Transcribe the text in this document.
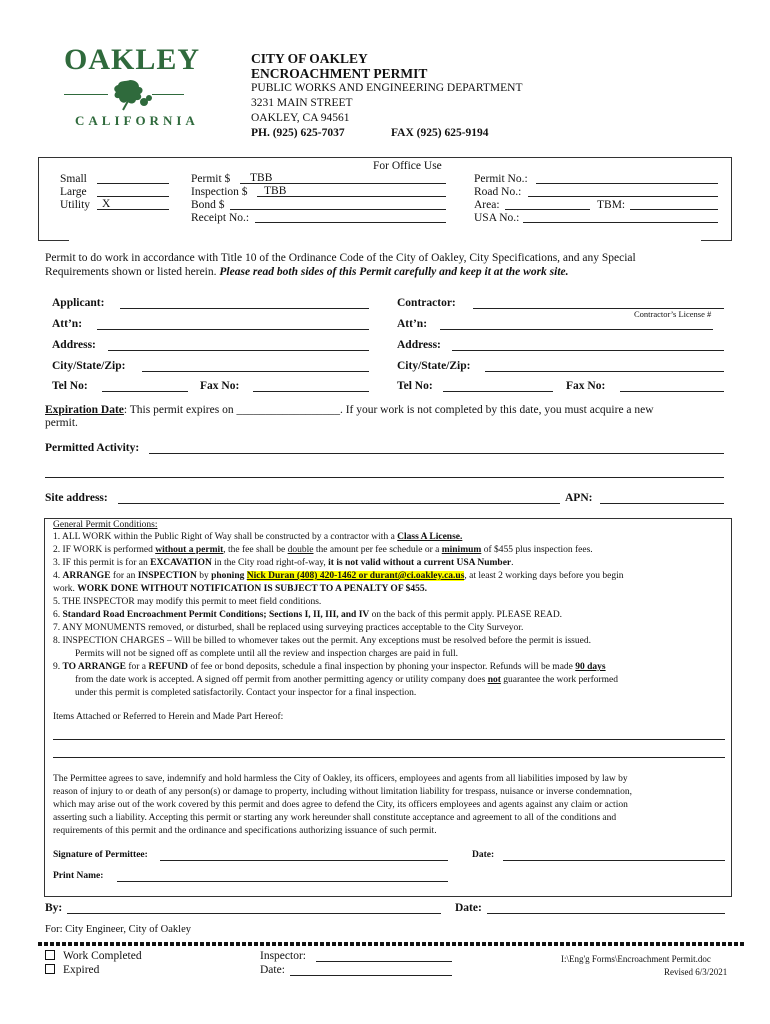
OAKLEY
CALIFORNIA
CITY OF OAKLEY
ENCROACHMENT PERMIT
PUBLIC WORKS AND ENGINEERING DEPARTMENT
3231 MAIN STREET
OAKLEY, CA 94561
PH. (925) 625-7037	FAX (925) 625-9194
For Office Use
Small
Large
Utility X
Permit $ TBB
Inspection $ TBB
Bond $
Receipt No.:
Permit No.:
Road No.:
Area:	TBM:
USA No.:
Permit to do work in accordance with Title 10 of the Ordinance Code of the City of Oakley, City Specifications, and any Special
Requirements shown or listed herein. Please read both sides of this Permit carefully and keep it at the work site.
Applicant:
Att’n:
Address:
City/State/Zip:
Tel No:	Fax No:
Contractor:
Contractor’s License #
Att’n:
Address:
City/State/Zip:
Tel No:	Fax No:
Expiration Date: This permit expires on __________________. If your work is not completed by this date, you must acquire a new
permit.
Permitted Activity:
Site address:	APN:
General Permit Conditions:
1. ALL WORK within the Public Right of Way shall be constructed by a contractor with a Class A License.
2. IF WORK is performed without a permit, the fee shall be double the amount per fee schedule or a minimum of $455 plus inspection fees.
3. IF this permit is for an EXCAVATION in the City road right-of-way, it is not valid without a current USA Number.
4. ARRANGE for an INSPECTION by phoning Nick Duran (408) 420-1462 or durant@ci.oakley.ca.us, at least 2 working days before you begin
work. WORK DONE WITHOUT NOTIFICATION IS SUBJECT TO A PENALTY OF $455.
5. THE INSPECTOR may modify this permit to meet field conditions.
6. Standard Road Encroachment Permit Conditions; Sections I, II, III, and IV on the back of this permit apply. PLEASE READ.
7. ANY MONUMENTS removed, or disturbed, shall be replaced using surveying practices acceptable to the City Surveyor.
8. INSPECTION CHARGES – Will be billed to whomever takes out the permit. Any exceptions must be resolved before the permit is issued.
Permits will not be signed off as complete until all the review and inspection charges are paid in full.
9. TO ARRANGE for a REFUND of fee or bond deposits, schedule a final inspection by phoning your inspector. Refunds will be made 90 days
from the date work is accepted. A signed off permit from another permitting agency or utility company does not guarantee the work performed
under this permit is completed satisfactorily. Contact your inspector for a final inspection.
Items Attached or Referred to Herein and Made Part Hereof:
The Permittee agrees to save, indemnify and hold harmless the City of Oakley, its officers, employees and agents from all liabilities imposed by law by
reason of injury to or death of any person(s) or damage to property, including without limitation liability for trespass, nuisance or inverse condemnation,
which may arise out of the work covered by this permit and does agree to defend the City, its officers employees and agents against any claim or action
asserting such a liability. Accepting this permit or starting any work hereunder shall constitute acceptance and agreement to all of the conditions and
requirements of this permit and the ordinance and specifications authorizing issuance of such permit.
Signature of Permittee:	Date:
Print Name:
By:	Date:
For: City Engineer, City of Oakley
Work Completed
Expired
Inspector:
Date:
I:\Eng'g Forms\Encroachment Permit.doc
Revised 6/3/2021
